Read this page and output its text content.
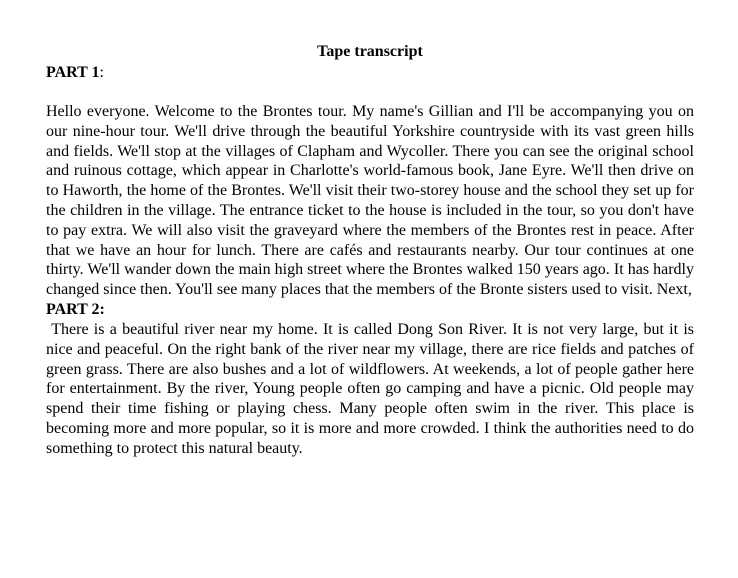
Tape transcript
PART 1:

Hello everyone. Welcome to the Brontes tour. My name's Gillian and I'll be accompanying you on our nine-hour tour. We'll drive through the beautiful Yorkshire countryside with its vast green hills and fields. We'll stop at the villages of Clapham and Wycoller. There you can see the original school and ruinous cottage, which appear in Charlotte's world-famous book, Jane Eyre. We'll then drive on to Haworth, the home of the Brontes. We'll visit their two-storey house and the school they set up for the children in the village. The entrance ticket to the house is included in the tour, so you don't have to pay extra. We will also visit the graveyard where the members of the Brontes rest in peace. After that we have an hour for lunch. There are cafés and restaurants nearby. Our tour continues at one thirty. We'll wander down the main high street where the Brontes walked 150 years ago. It has hardly changed since then. You'll see many places that the members of the Bronte sisters used to visit. Next,

PART 2:

There is a beautiful river near my home. It is called Dong Son River. It is not very large, but it is nice and peaceful. On the right bank of the river near my village, there are rice fields and patches of green grass. There are also bushes and a lot of wildflowers. At weekends, a lot of people gather here for entertainment. By the river, Young people often go camping and have a picnic. Old people may spend their time fishing or playing chess. Many people often swim in the river. This place is becoming more and more popular, so it is more and more crowded. I think the authorities need to do something to protect this natural beauty.
